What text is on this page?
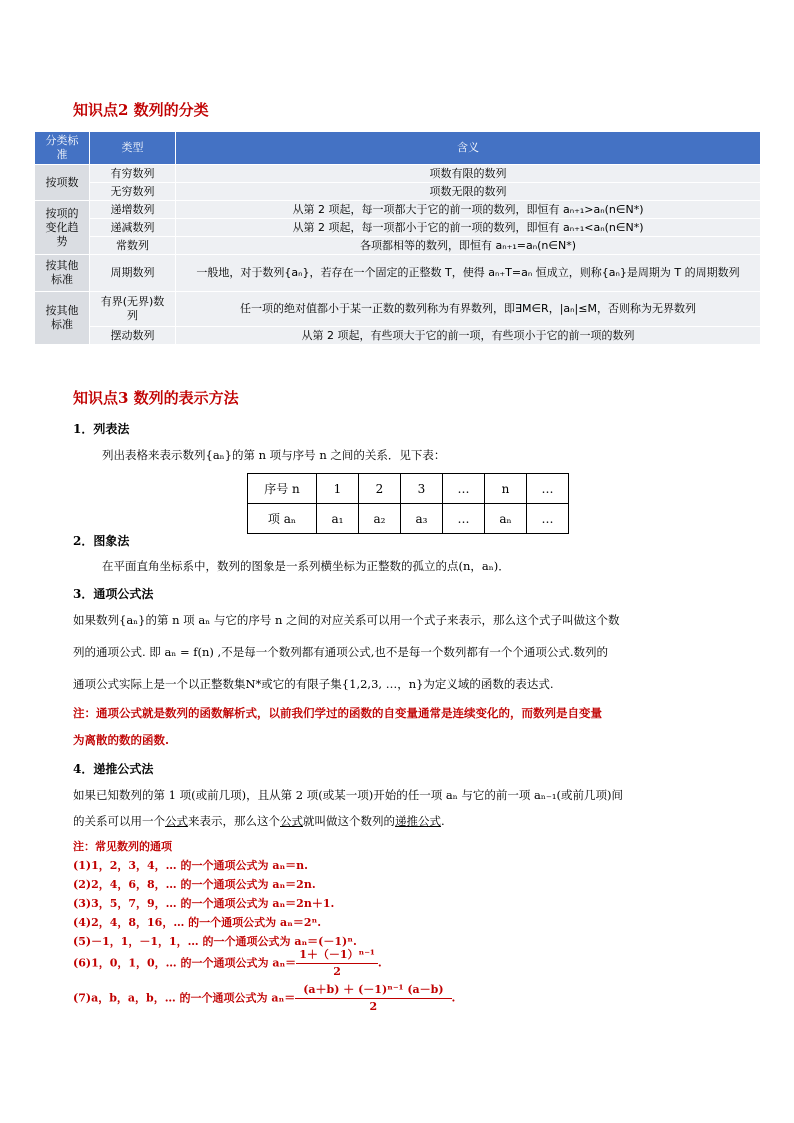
知识点2 数列的分类
分类标准	类型	含义
按项数	有穷数列	项数有限的数列
	无穷数列	项数无限的数列
按项的变化趋势	递增数列	从第 2 项起，每一项都大于它的前一项的数列，即恒有 aₙ₊₁>aₙ(n∈N*)
	递减数列	从第 2 项起，每一项都小于它的前一项的数列，即恒有 aₙ₊₁<aₙ(n∈N*)
	常数列	各项都相等的数列，即恒有 aₙ₊₁=aₙ(n∈N*)
按其他标准	周期数列	一般地，对于数列{aₙ}，若存在一个固定的正整数 T，使得 aₙ₊T=aₙ 恒成立，则称{aₙ}是周期为 T 的周期数列
按其他标准	有界(无界)数列	任一项的绝对值都小于某一正数的数列称为有界数列，即∃M∈R，|aₙ|≤M，否则称为无界数列
	摆动数列	从第 2 项起，有些项大于它的前一项，有些项小于它的前一项的数列
知识点3 数列的表示方法
1．列表法
列出表格来表示数列{aₙ}的第 n 项与序号 n 之间的关系．见下表：
序号 n	1	2	3	…	n	…
项 aₙ	a₁	a₂	a₃	…	aₙ	…
2．图象法
在平面直角坐标系中，数列的图象是一系列横坐标为正整数的孤立的点(n，aₙ)．
3．通项公式法
如果数列{aₙ}的第 n 项 aₙ 与它的序号 n 之间的对应关系可以用一个式子来表示，那么这个式子叫做这个数
列的通项公式. 即 aₙ = f(n) ,不是每一个数列都有通项公式,也不是每一个数列都有一个个通项公式.数列的
通项公式实际上是一个以正整数集N*或它的有限子集{1,2,3, …，n}为定义域的函数的表达式.
注：通项公式就是数列的函数解析式，以前我们学过的函数的自变量通常是连续变化的，而数列是自变量
为离散的数的函数.
4．递推公式法
如果已知数列的第 1 项(或前几项)，且从第 2 项(或某一项)开始的任一项 aₙ 与它的前一项 aₙ₋₁(或前几项)间
的关系可以用一个公式来表示，那么这个公式就叫做这个数列的递推公式.
注：常见数列的通项
(1)1，2，3，4，… 的一个通项公式为 aₙ＝n.
(2)2，4，6，8，… 的一个通项公式为 aₙ＝2n.
(3)3，5，7，9，… 的一个通项公式为 aₙ＝2n＋1.
(4)2，4，8，16，… 的一个通项公式为 aₙ＝2ⁿ.
(5)－1，1，－1，1，… 的一个通项公式为 aₙ＝(－1)ⁿ.
(6)1，0，1，0，… 的一个通项公式为 $a_n= \frac{\text{1＋（－1）ⁿ⁻¹}}{2}$ .
(7)a，b，a，b，… 的一个通项公式为 $a_n= \frac{\text{(a＋b) ＋ (－1)ⁿ⁻¹ (a－b)}}{2}$ .
